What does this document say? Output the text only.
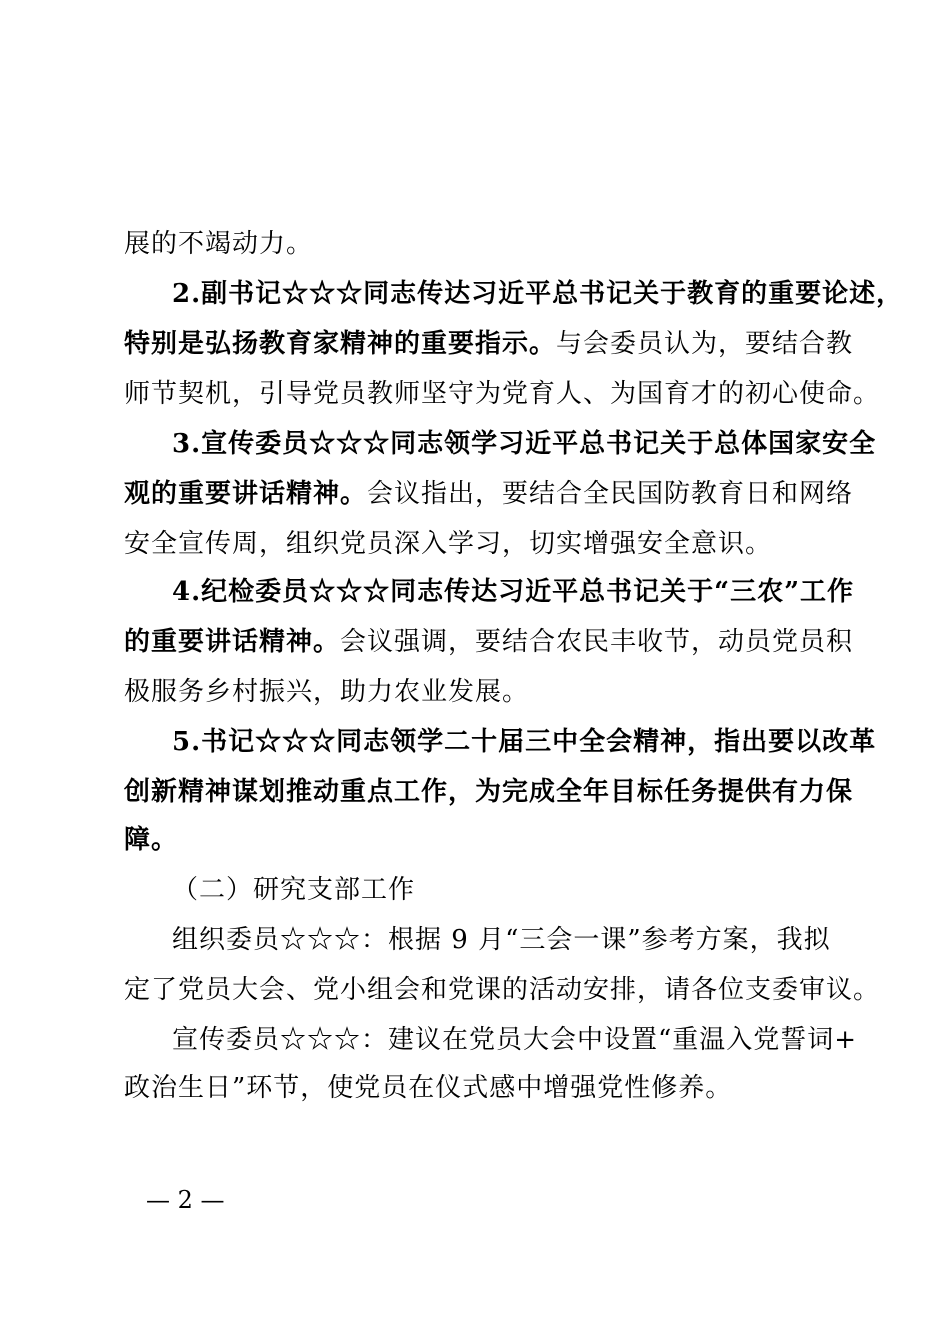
展的不竭动力。
2.副书记☆☆☆同志传达习近平总书记关于教育的重要论述，
特别是弘扬教育家精神的重要指示。与会委员认为，要结合教
师节契机，引导党员教师坚守为党育人、为国育才的初心使命。
3.宣传委员☆☆☆同志领学习近平总书记关于总体国家安全
观的重要讲话精神。会议指出，要结合全民国防教育日和网络
安全宣传周，组织党员深入学习，切实增强安全意识。
4.纪检委员☆☆☆同志传达习近平总书记关于“三农”工作
的重要讲话精神。会议强调，要结合农民丰收节，动员党员积
极服务乡村振兴，助力农业发展。
5.书记☆☆☆同志领学二十届三中全会精神，指出要以改革
创新精神谋划推动重点工作，为完成全年目标任务提供有力保
障。
（二）研究支部工作
组织委员☆☆☆：根据 9 月“三会一课”参考方案，我拟
定了党员大会、党小组会和党课的活动安排，请各位支委审议。
宣传委员☆☆☆：建议在党员大会中设置“重温入党誓词+
政治生日”环节，使党员在仪式感中增强党性修养。
— 2 —
